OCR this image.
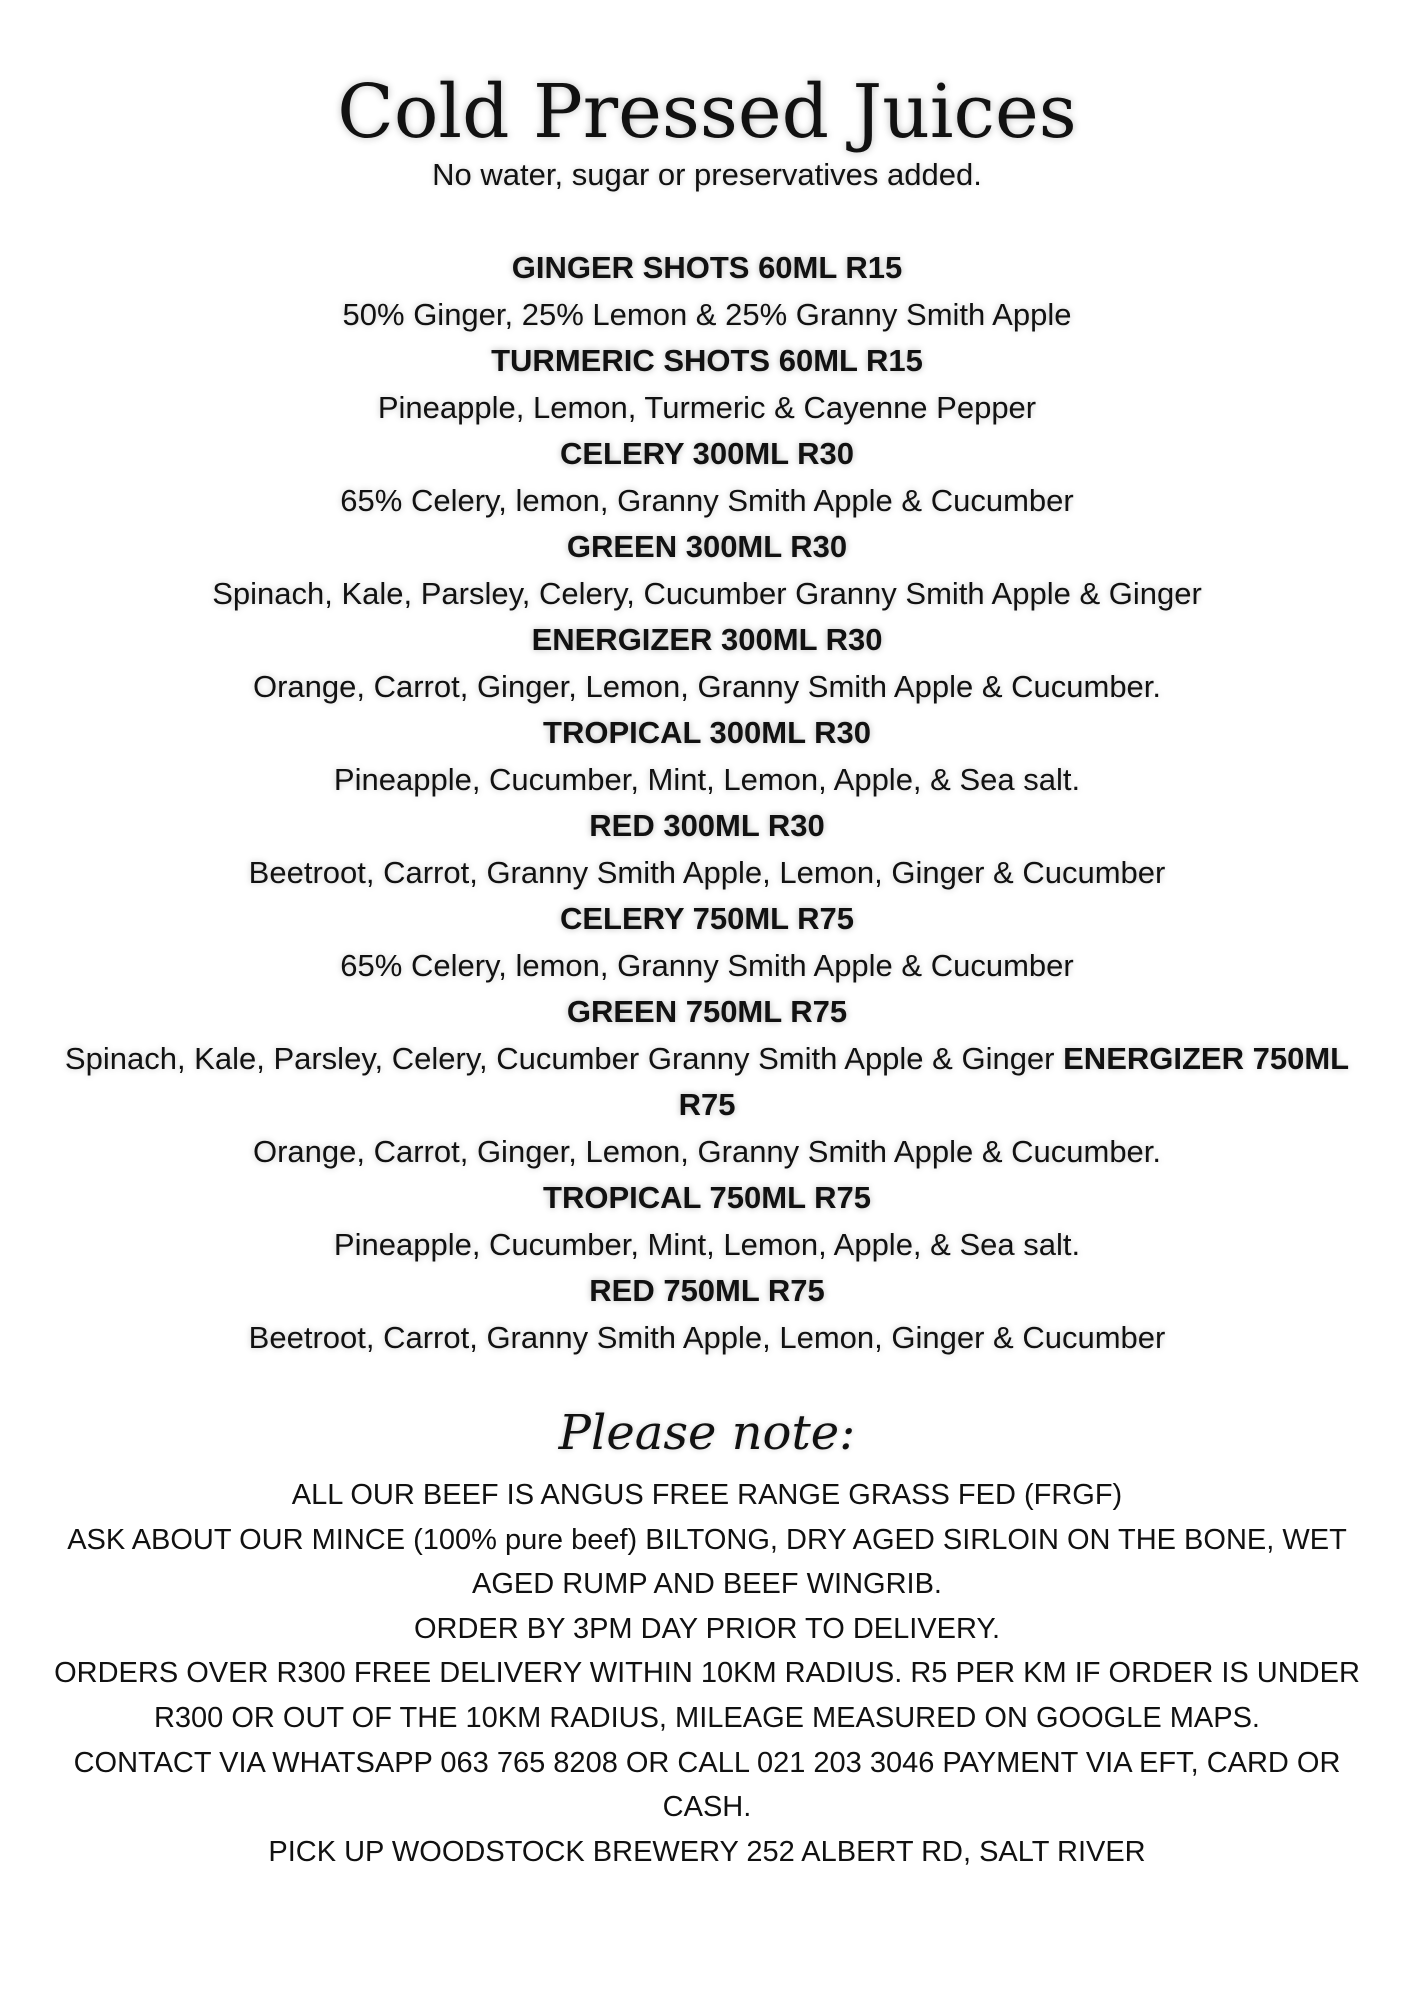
Cold Pressed Juices
No water, sugar or preservatives added.
GINGER SHOTS 60ML R15
50% Ginger, 25% Lemon & 25% Granny Smith Apple
TURMERIC SHOTS 60ML R15
Pineapple, Lemon, Turmeric & Cayenne Pepper
CELERY 300ML R30
65% Celery, lemon, Granny Smith Apple & Cucumber
GREEN 300ML R30
Spinach, Kale, Parsley, Celery, Cucumber Granny Smith Apple & Ginger
ENERGIZER 300ML R30
Orange, Carrot, Ginger, Lemon, Granny Smith Apple & Cucumber.
TROPICAL 300ML R30
Pineapple, Cucumber, Mint, Lemon, Apple, & Sea salt.
RED 300ML R30
Beetroot, Carrot, Granny Smith Apple, Lemon, Ginger & Cucumber
CELERY 750ML R75
65% Celery, lemon, Granny Smith Apple & Cucumber
GREEN 750ML R75
Spinach, Kale, Parsley, Celery, Cucumber Granny Smith Apple & Ginger ENERGIZER 750ML
R75
Orange, Carrot, Ginger, Lemon, Granny Smith Apple & Cucumber.
TROPICAL 750ML R75
Pineapple, Cucumber, Mint, Lemon, Apple, & Sea salt.
RED 750ML R75
Beetroot, Carrot, Granny Smith Apple, Lemon, Ginger & Cucumber
Please note:
ALL OUR BEEF IS ANGUS FREE RANGE GRASS FED (FRGF)
ASK ABOUT OUR MINCE (100% pure beef) BILTONG, DRY AGED SIRLOIN ON THE BONE, WET
AGED RUMP AND BEEF WINGRIB.
ORDER BY 3PM DAY PRIOR TO DELIVERY.
ORDERS OVER R300 FREE DELIVERY WITHIN 10KM RADIUS. R5 PER KM IF ORDER IS UNDER
R300 OR OUT OF THE 10KM RADIUS, MILEAGE MEASURED ON GOOGLE MAPS.
CONTACT VIA WHATSAPP 063 765 8208 OR CALL 021 203 3046 PAYMENT VIA EFT, CARD OR
CASH.
PICK UP WOODSTOCK BREWERY 252 ALBERT RD, SALT RIVER
